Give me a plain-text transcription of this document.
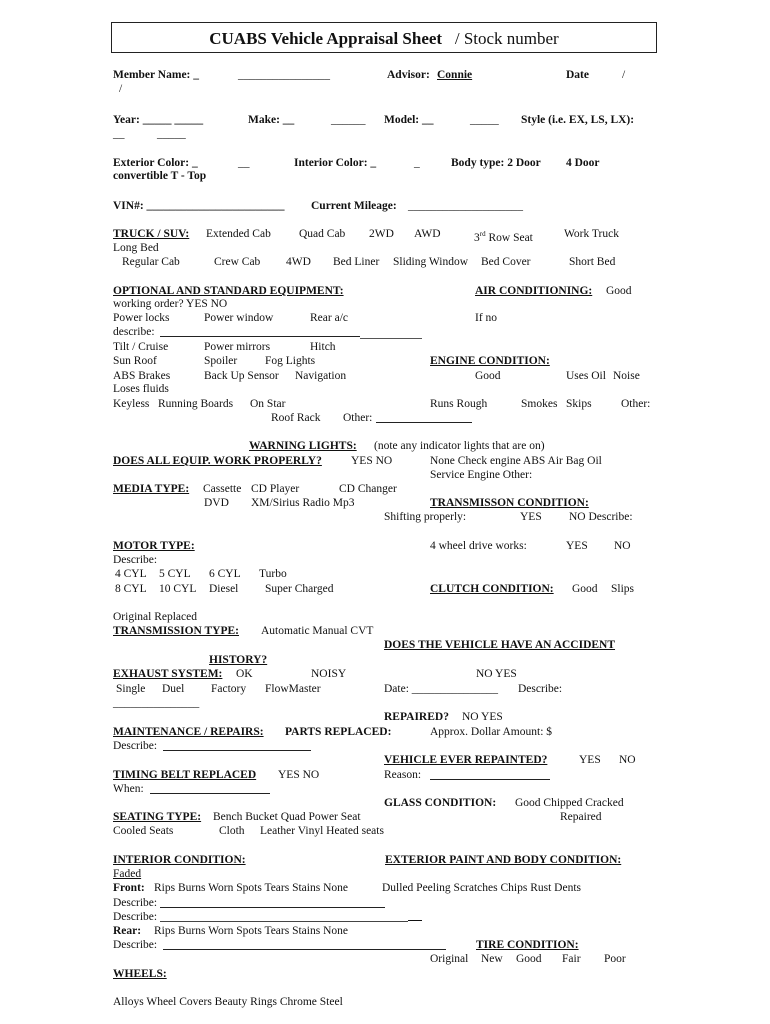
CUABS Vehicle Appraisal Sheet / Stock number
Member Name: _	________________	Advisor: Connie	Date	/
/
Year: _____ _____	Make: __	______ Model: __	_____ Style (i.e. EX, LS, LX):
__	_____
Exterior Color: _	__	Interior Color: _	_	Body type: 2 Door 4 Door
convertible T - Top
VIN#: ________________________ Current Mileage: ____________________
TRUCK / SUV: Extended Cab Quad Cab 2WD AWD	3rd Row Seat	Work Truck
Long Bed
Regular Cab	Crew Cab 4WD Bed Liner Sliding Window Bed Cover	Short Bed
OPTIONAL AND STANDARD EQUIPMENT:	AIR CONDITIONING: Good
working order? YES NO
Power locks	Power window	Rear a/c	If no
describe:
Tilt / Cruise	Power mirrors	Hitch
Sun Roof	Spoiler Fog Lights	ENGINE CONDITION:
ABS Brakes	Back Up Sensor Navigation	Good	Uses Oil Noise
Loses fluids
Keyless Running Boards On Star	Runs Rough	Smokes Skips	Other:
Roof Rack Other:
WARNING LIGHTS: (note any indicator lights that are on)
DOES ALL EQUIP. WORK PROPERLY?	YES NO	None Check engine ABS Air Bag Oil
Service Engine Other:
MEDIA TYPE: Cassette CD Player	CD Changer
DVD XM/Sirius Radio Mp3	TRANSMISSON CONDITION:
Shifting properly:	YES NO Describe:
MOTOR TYPE:	4 wheel drive works:	YES NO
Describe:
4 CYL 5 CYL 6 CYL Turbo
8 CYL 10 CYL Diesel Super Charged	CLUTCH CONDITION: Good Slips
Original Replaced
TRANSMISSION TYPE: Automatic Manual CVT
DOES THE VEHICLE HAVE AN ACCIDENT
HISTORY?
EXHAUST SYSTEM: OK	NOISY	NO YES
Single Duel Factory FlowMaster	Date: _______________ Describe:
_______________
REPAIRED? NO YES
MAINTENANCE / REPAIRS: PARTS REPLACED:	Approx. Dollar Amount: $
Describe:
VEHICLE EVER REPAINTED?	YES NO
TIMING BELT REPLACED YES NO	Reason:
When:
GLASS CONDITION: Good Chipped Cracked
SEATING TYPE: Bench Bucket Quad Power Seat	Repaired
Cooled Seats	Cloth Leather Vinyl Heated seats
INTERIOR CONDITION:	EXTERIOR PAINT AND BODY CONDITION:
Faded
Front: Rips Burns Worn Spots Tears Stains None	Dulled Peeling Scratches Chips Rust Dents
Describe:
Describe:
Rear: Rips Burns Worn Spots Tears Stains None
Describe:	TIRE CONDITION:
Original New Good Fair Poor
WHEELS:
Alloys Wheel Covers Beauty Rings Chrome Steel
